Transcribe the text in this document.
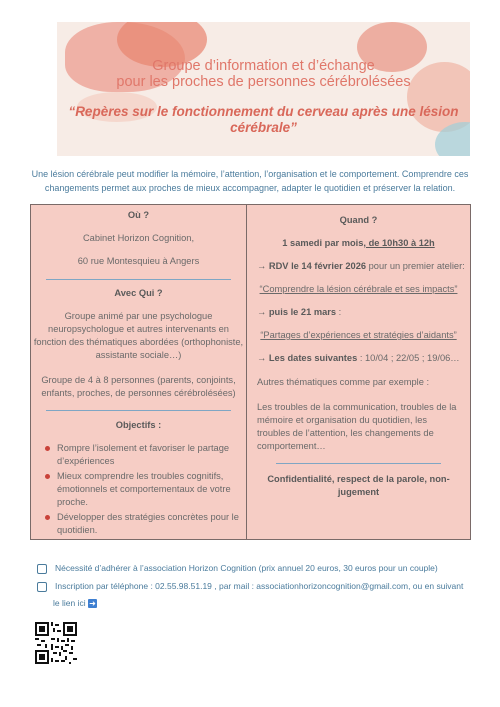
Groupe d’information et d’échange
pour les proches de personnes cérébrolésées
“Repères sur le fonctionnement du cerveau après une lésion
cérébrale”
Une lésion cérébrale peut modifier la mémoire, l’attention, l’organisation et le comportement. Comprendre ces
changements permet aux proches de mieux accompagner, adapter le quotidien et préserver la relation.
Où ?
Cabinet Horizon Cognition,
60 rue Montesquieu à Angers
Avec Qui ?
Groupe animé par une psychologue
neuropsychologue et autres intervenants en
fonction des thématiques abordées (orthophoniste,
assistante sociale…)
Groupe de 4 à 8 personnes (parents, conjoints,
enfants, proches, de personnes cérébrolésées)
Objectifs :
Rompre l’isolement et favoriser le partage d’expériences
Mieux comprendre les troubles cognitifs, émotionnels et comportementaux de votre proche.
Développer des stratégies concrètes pour le quotidien.
Quand ?
1 samedi par mois, de 10h30 à 12h
→ RDV le 14 février 2026 pour un premier atelier:
“Comprendre la lésion cérébrale et ses impacts”
→ puis le 21 mars :
“Partages d’expériences et stratégies d’aidants”
→ Les dates suivantes : 10/04 ; 22/05 ; 19/06…
Autres thématiques comme par exemple :
Les troubles de la communication, troubles de la
mémoire et organisation du quotidien, les
troubles de l’attention, les changements de
comportement…
Confidentialité, respect de la parole, non-
jugement
Nécessité d’adhérer à l’association Horizon Cognition (prix annuel 20 euros, 30 euros pour un couple)
Inscription par téléphone : 02.55.98.51.19 , par mail : associationhorizoncognition@gmail.com, ou en suivant
le lien ici ➜
